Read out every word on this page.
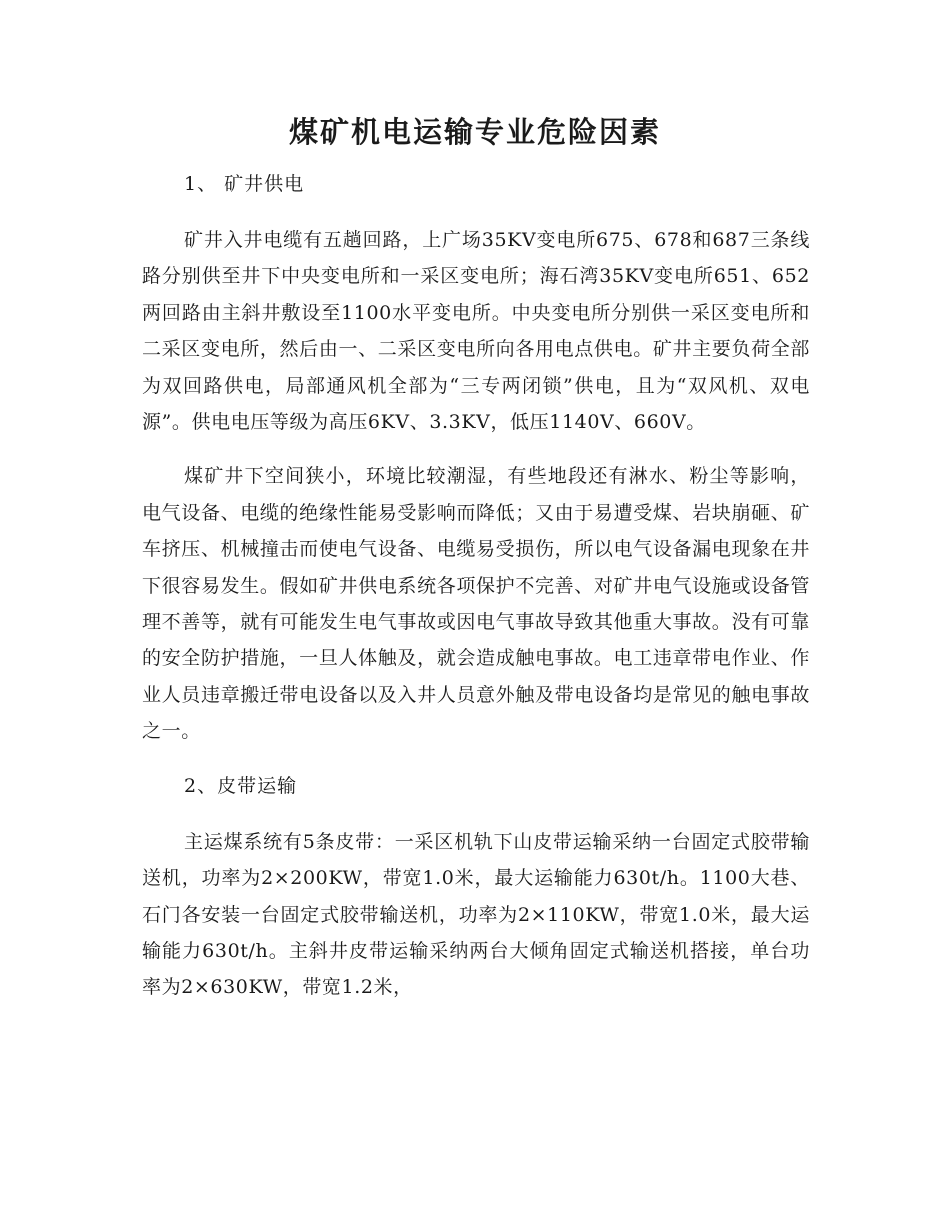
煤矿机电运输专业危险因素
1、 矿井供电

矿井入井电缆有五趟回路，上广场35KV变电所675、678和687三条线路分别供至井下中央变电所和一采区变电所；海石湾35KV变电所651、652两回路由主斜井敷设至1100水平变电所。中央变电所分别供一采区变电所和二采区变电所，然后由一、二采区变电所向各用电点供电。矿井主要负荷全部为双回路供电，局部通风机全部为“三专两闭锁”供电，且为“双风机、双电源”。供电电压等级为高压6KV、3.3KV，低压1140V、660V。

煤矿井下空间狭小，环境比较潮湿，有些地段还有淋水、粉尘等影响，电气设备、电缆的绝缘性能易受影响而降低；又由于易遭受煤、岩块崩砸、矿车挤压、机械撞击而使电气设备、电缆易受损伤，所以电气设备漏电现象在井下很容易发生。假如矿井供电系统各项保护不完善、对矿井电气设施或设备管理不善等，就有可能发生电气事故或因电气事故导致其他重大事故。没有可靠的安全防护措施，一旦人体触及，就会造成触电事故。电工违章带电作业、作业人员违章搬迁带电设备以及入井人员意外触及带电设备均是常见的触电事故之一。

2、皮带运输

主运煤系统有5条皮带：一采区机轨下山皮带运输采纳一台固定式胶带输送机，功率为2×200KW，带宽1.0米，最大运输能力630t/h。1100大巷、石门各安装一台固定式胶带输送机，功率为2×110KW，带宽1.0米，最大运输能力630t/h。主斜井皮带运输采纳两台大倾角固定式输送机搭接，单台功率为2×630KW，带宽1.2米，
